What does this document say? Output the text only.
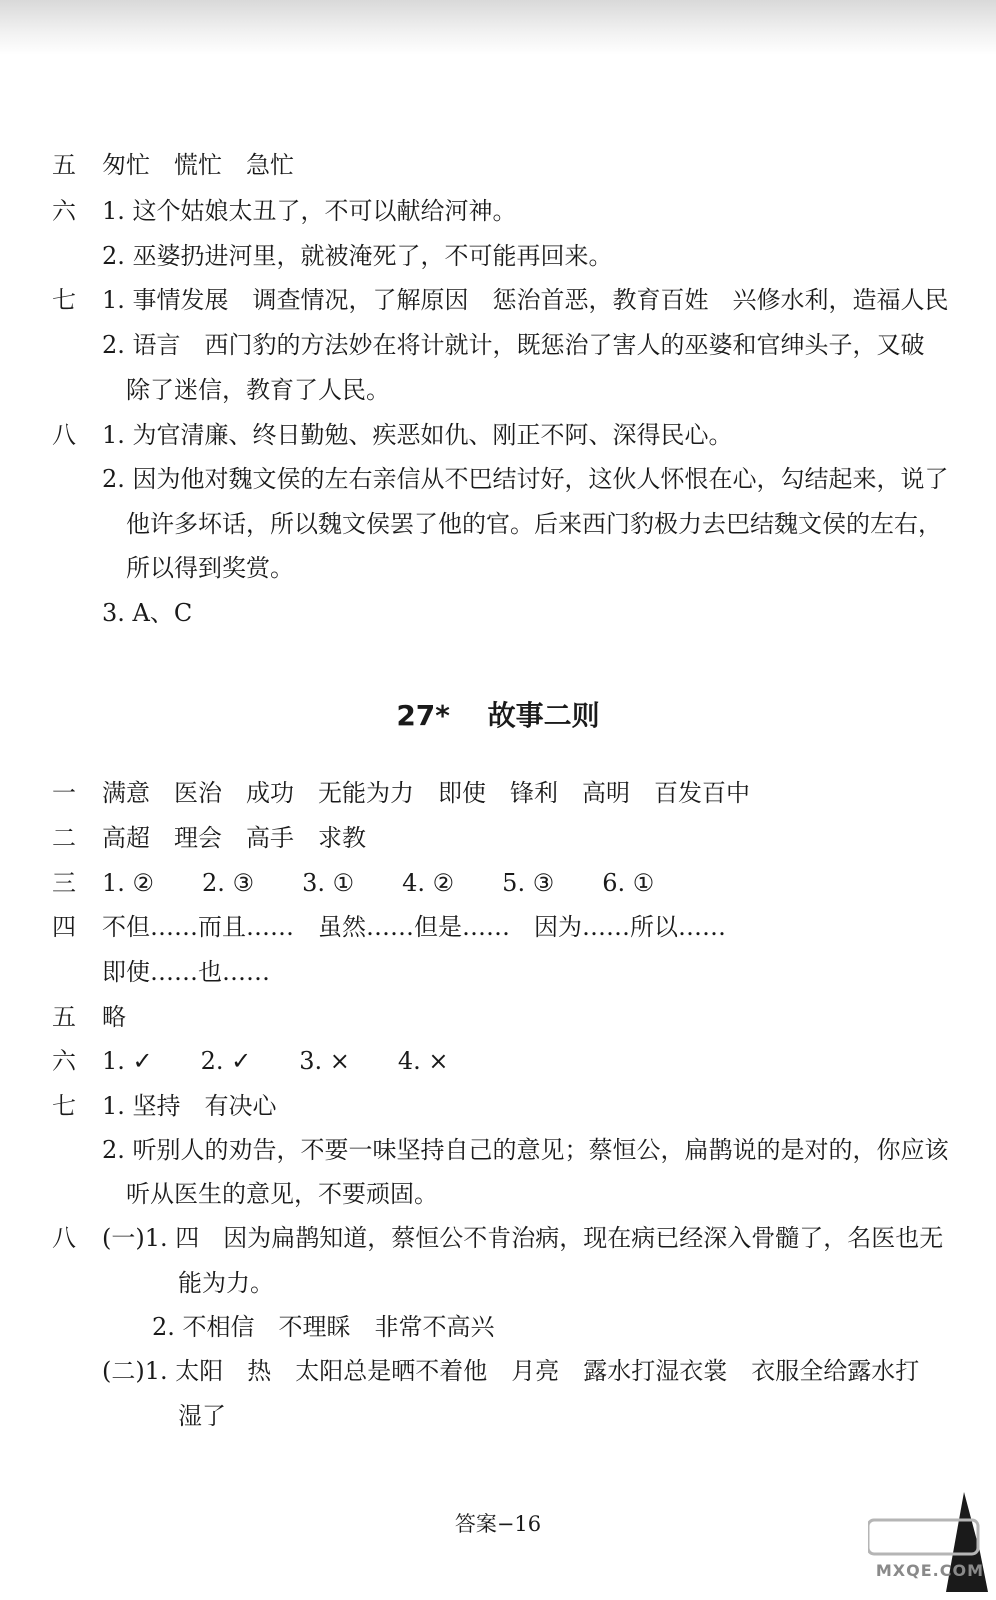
五 匆忙　慌忙　急忙
六 1. 这个姑娘太丑了，不可以献给河神。
2. 巫婆扔进河里，就被淹死了，不可能再回来。
七 1. 事情发展　调查情况，了解原因　惩治首恶，教育百姓　兴修水利，造福人民
2. 语言　西门豹的方法妙在将计就计，既惩治了害人的巫婆和官绅头子，又破
除了迷信，教育了人民。
八 1. 为官清廉、终日勤勉、疾恶如仇、刚正不阿、深得民心。
2. 因为他对魏文侯的左右亲信从不巴结讨好，这伙人怀恨在心，勾结起来，说了
他许多坏话，所以魏文侯罢了他的官。后来西门豹极力去巴结魏文侯的左右，
所以得到奖赏。
3. A、C
27* 故事二则
一 满意　医治　成功　无能为力　即使　锋利　高明　百发百中
二 高超　理会　高手　求教
三 1. ②　　2. ③　　3. ①　　4. ②　　5. ③　　6. ①
四 不但……而且……　虽然……但是……　因为……所以……
即使……也……
五 略
六 1. ✓　　2. ✓　　3. ×　　4. ×
七 1. 坚持　有决心
2. 听别人的劝告，不要一味坚持自己的意见；蔡恒公，扁鹊说的是对的，你应该
听从医生的意见，不要顽固。
八 (一)1. 四　因为扁鹊知道，蔡恒公不肯治病，现在病已经深入骨髓了，名医也无
能为力。
2. 不相信　不理睬　非常不高兴
(二)1. 太阳　热　太阳总是晒不着他　月亮　露水打湿衣裳　衣服全给露水打
湿了
答案−16
MXQE.COM
